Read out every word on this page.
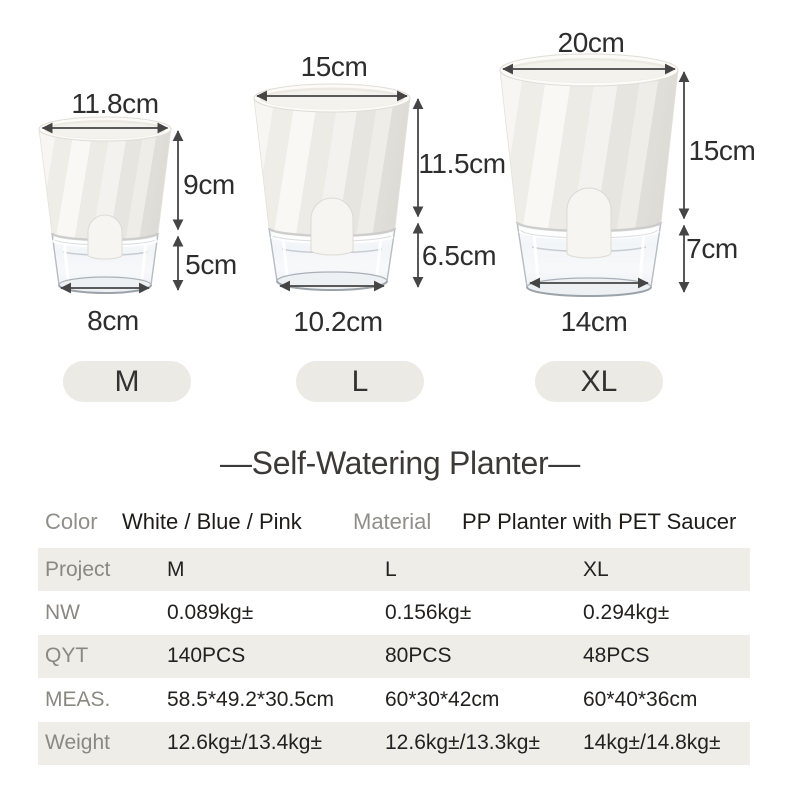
11.8cm
9cm
5cm
8cm
15cm
11.5cm
6.5cm
10.2cm
20cm
15cm
7cm
14cm
M	L	XL
—Self-Watering Planter—
Color White / Blue / Pink Material PP Planter with PET Saucer
Project	M	L	XL
NW	0.089kg±	0.156kg±	0.294kg±
QYT	140PCS	80PCS	48PCS
MEAS.	58.5*49.2*30.5cm	60*30*42cm	60*40*36cm
Weight	12.6kg±/13.4kg±	12.6kg±/13.3kg±	14kg±/14.8kg±
